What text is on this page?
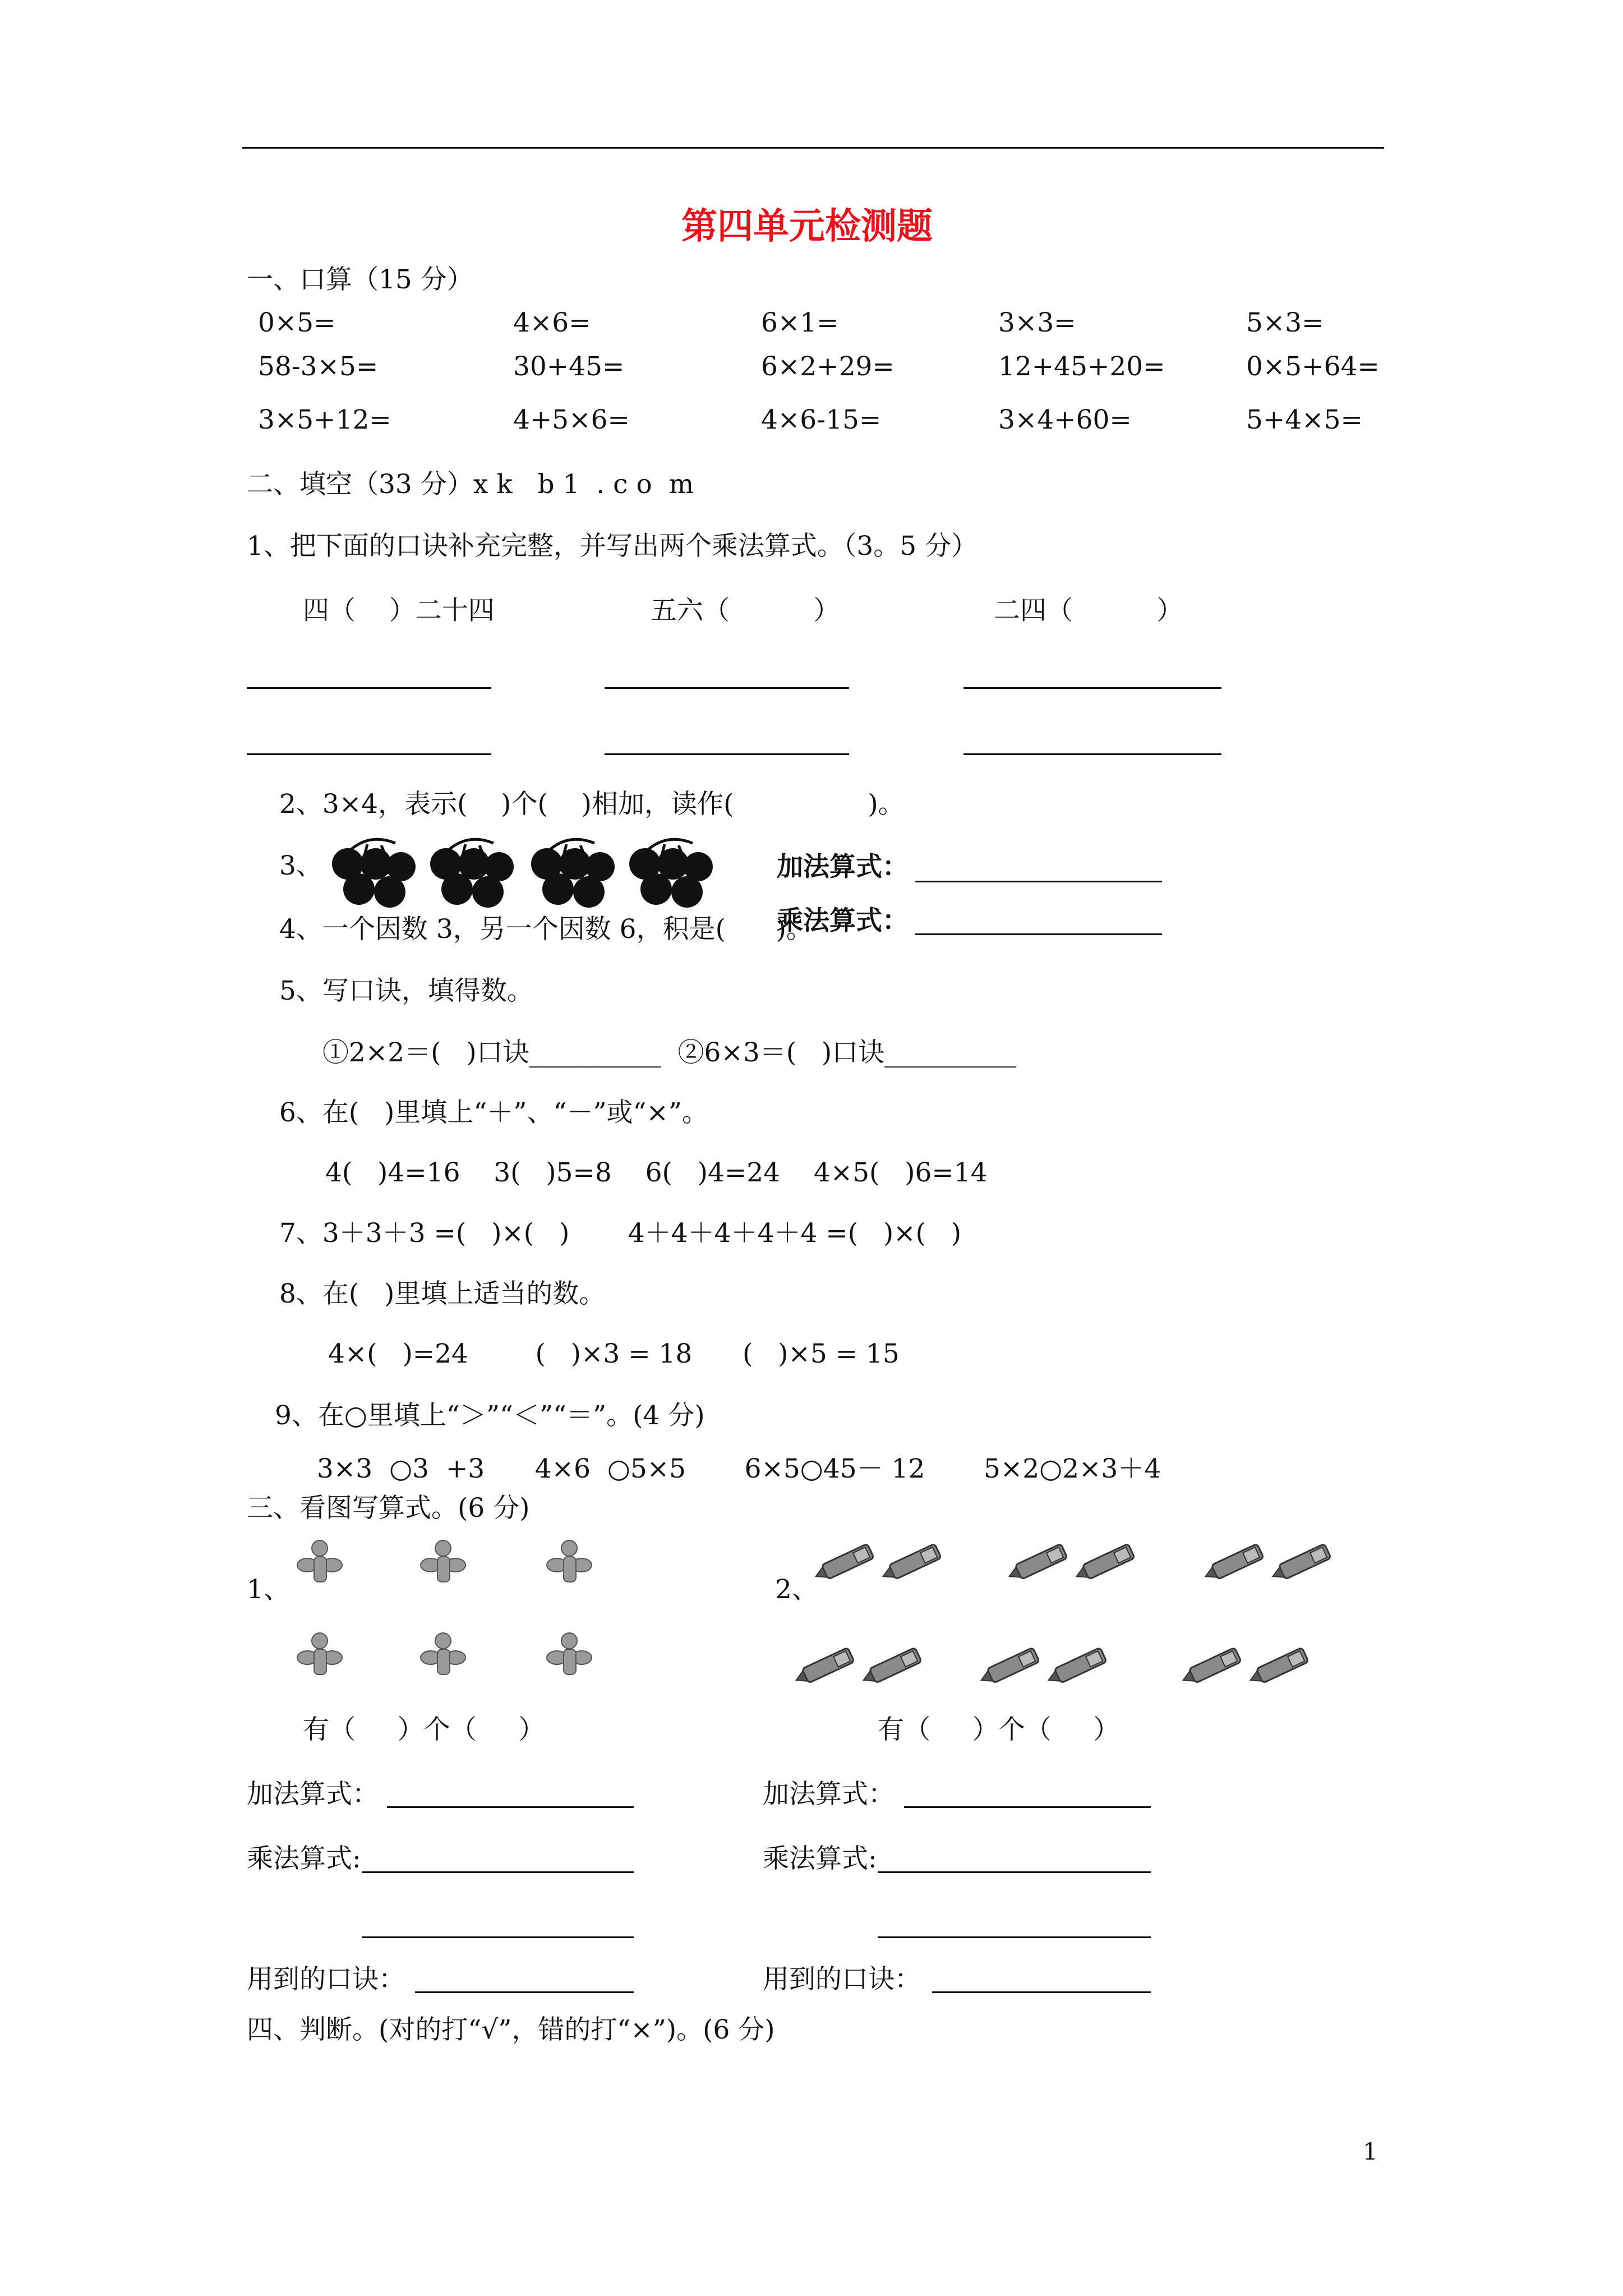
第四单元检测题
一、口算（15 分）
0×5=	4×6=	6×1=	3×3=	5×3=
58-3×5=	30+45=	6×2+29=	12+45+20=	0×5+64=
3×5+12=	4+5×6=	4×6-15=	3×4+60=	5+4×5=
二、填空（33 分）x k   b 1  . c o  m
1、把下面的口诀补充完整，并写出两个乘法算式。（3。5 分）
四（    ）二十四	五六（          ）	二四（          ）
2、3×4，表示(    )个(    )相加，读作(                )。
3、	加法算式：
乘法算式：
4、一个因数 3，另一个因数 6，积是(      )。
5、写口诀，填得数。
①2×2＝(   )口诀__________  ②6×3＝(   )口诀__________
6、在(   )里填上“＋”、“－”或“×”。
4(   )4=16    3(   )5=8    6(   )4=24    4×5(   )6=14
7、3＋3＋3 =(   )×(   )       4＋4＋4＋4＋4 =(   )×(   )
8、在(   )里填上适当的数。
4×(   )=24        (   )×3 = 18      (   )×5 = 15
9、在○里填上“＞”“＜”“＝”。(4 分)
3×3  ○3  +3      4×6  ○5×5       6×5○45－ 12       5×2○2×3＋4
三、看图写算式。(6 分)
1、	2、
有（     ）个（     ）	有（     ）个（     ）
加法算式：	加法算式：
乘法算式:	乘法算式:
用到的口诀：	用到的口诀：
四、判断。(对的打“√”，错的打“×”)。(6 分)
1
